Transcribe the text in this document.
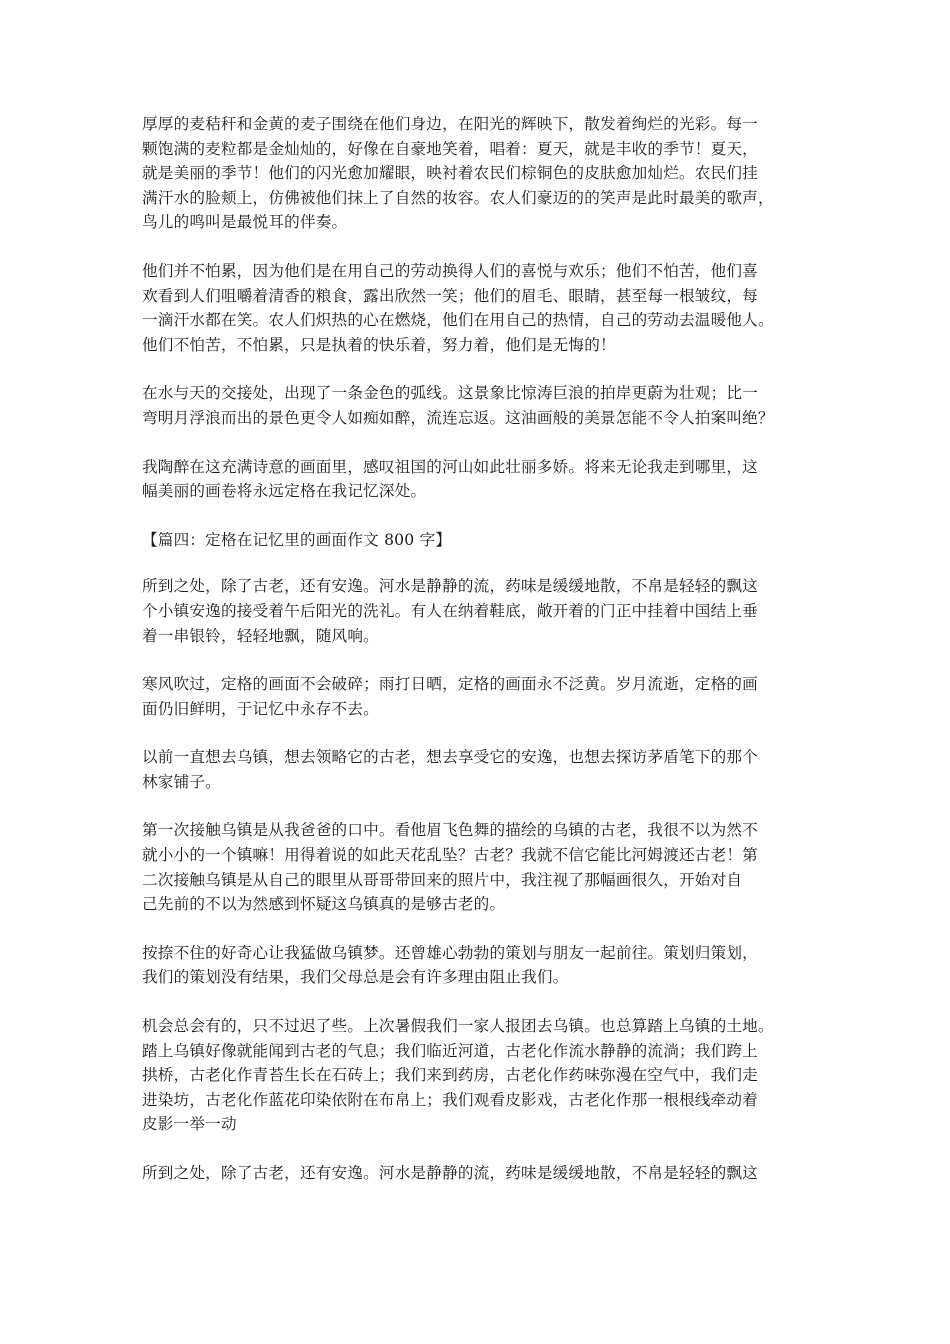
厚厚的麦秸秆和金黄的麦子围绕在他们身边，在阳光的辉映下，散发着绚烂的光彩。每一
颗饱满的麦粒都是金灿灿的，好像在自豪地笑着，唱着：夏天，就是丰收的季节！夏天，
就是美丽的季节！他们的闪光愈加耀眼，映衬着农民们棕铜色的皮肤愈加灿烂。农民们挂
满汗水的脸颊上，仿佛被他们抹上了自然的妆容。农人们豪迈的的笑声是此时最美的歌声，
鸟儿的鸣叫是最悦耳的伴奏。
他们并不怕累，因为他们是在用自己的劳动换得人们的喜悦与欢乐；他们不怕苦，他们喜
欢看到人们咀嚼着清香的粮食，露出欣然一笑；他们的眉毛、眼睛，甚至每一根皱纹，每
一滴汗水都在笑。农人们炽热的心在燃烧，他们在用自己的热情，自己的劳动去温暖他人。
他们不怕苦，不怕累，只是执着的快乐着，努力着，他们是无悔的！
在水与天的交接处，出现了一条金色的弧线。这景象比惊涛巨浪的拍岸更蔚为壮观；比一
弯明月浮浪而出的景色更令人如痴如醉，流连忘返。这油画般的美景怎能不令人拍案叫绝？
我陶醉在这充满诗意的画面里，感叹祖国的河山如此壮丽多娇。将来无论我走到哪里，这
幅美丽的画卷将永远定格在我记忆深处。
【篇四：定格在记忆里的画面作文 800 字】
所到之处，除了古老，还有安逸。河水是静静的流，药味是缓缓地散，不帛是轻轻的飘这
个小镇安逸的接受着午后阳光的洗礼。有人在纳着鞋底，敞开着的门正中挂着中国结上垂
着一串银铃，轻轻地飘，随风响。
寒风吹过，定格的画面不会破碎；雨打日晒，定格的画面永不泛黄。岁月流逝，定格的画
面仍旧鲜明，于记忆中永存不去。
以前一直想去乌镇，想去领略它的古老，想去享受它的安逸，也想去探访茅盾笔下的那个
林家铺子。
第一次接触乌镇是从我爸爸的口中。看他眉飞色舞的描绘的乌镇的古老，我很不以为然不
就小小的一个镇嘛！用得着说的如此天花乱坠？古老？我就不信它能比河姆渡还古老！第
二次接触乌镇是从自己的眼里从哥哥带回来的照片中，我注视了那幅画很久，开始对自
己先前的不以为然感到怀疑这乌镇真的是够古老的。
按捺不住的好奇心让我猛做乌镇梦。还曾雄心勃勃的策划与朋友一起前往。策划归策划，
我们的策划没有结果，我们父母总是会有许多理由阻止我们。
机会总会有的，只不过迟了些。上次暑假我们一家人报团去乌镇。也总算踏上乌镇的土地。
踏上乌镇好像就能闻到古老的气息；我们临近河道，古老化作流水静静的流淌；我们跨上
拱桥，古老化作青苔生长在石砖上；我们来到药房，古老化作药味弥漫在空气中，我们走
进染坊，古老化作蓝花印染依附在布帛上；我们观看皮影戏，古老化作那一根根线牵动着
皮影一举一动
所到之处，除了古老，还有安逸。河水是静静的流，药味是缓缓地散，不帛是轻轻的飘这
